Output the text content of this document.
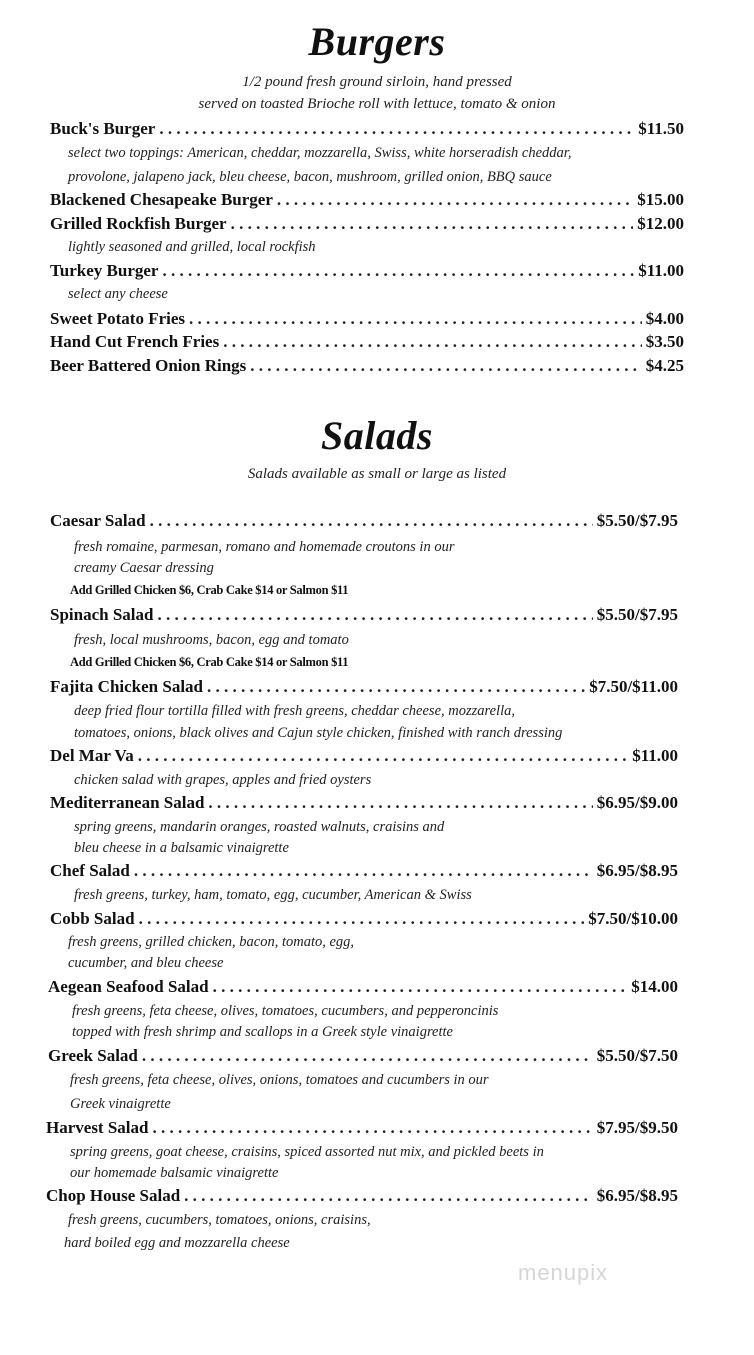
Burgers
1/2 pound fresh ground sirloin, hand pressed
served on toasted Brioche roll with lettuce, tomato & onion
Buck's Burger . . .	$11.50
select two toppings: American, cheddar, mozzarella, Swiss, white horseradish cheddar,
provolone, jalapeno jack, bleu cheese, bacon, mushroom, grilled onion, BBQ sauce
Blackened Chesapeake Burger . . .	$15.00
Grilled Rockfish Burger . . .	$12.00
lightly seasoned and grilled, local rockfish
Turkey Burger . . .	$11.00
select any cheese
Sweet Potato Fries . . .	$4.00
Hand Cut French Fries . . .	$3.50
Beer Battered Onion Rings . . .	$4.25
Salads
Salads available as small or large as listed
Caesar Salad . . .	$5.50/$7.95
fresh romaine, parmesan, romano and homemade croutons in our
creamy Caesar dressing
Add Grilled Chicken $6, Crab Cake $14 or Salmon $11
Spinach Salad . . .	$5.50/$7.95
fresh, local mushrooms, bacon, egg and tomato
Add Grilled Chicken $6, Crab Cake $14 or Salmon $11
Fajita Chicken Salad . . .	$7.50/$11.00
deep fried flour tortilla filled with fresh greens, cheddar cheese, mozzarella,
tomatoes, onions, black olives and Cajun style chicken, finished with ranch dressing
Del Mar Va . . .	$11.00
chicken salad with grapes, apples and fried oysters
Mediterranean Salad . . .	$6.95/$9.00
spring greens, mandarin oranges, roasted walnuts, craisins and
bleu cheese in a balsamic vinaigrette
Chef Salad . . .	$6.95/$8.95
fresh greens, turkey, ham, tomato, egg, cucumber, American & Swiss
Cobb Salad . . .	$7.50/$10.00
fresh greens, grilled chicken, bacon, tomato, egg,
cucumber, and bleu cheese
Aegean Seafood Salad . . .	$14.00
fresh greens, feta cheese, olives, tomatoes, cucumbers, and pepperoncinis
topped with fresh shrimp and scallops in a Greek style vinaigrette
Greek Salad . . .	$5.50/$7.50
fresh greens, feta cheese, olives, onions, tomatoes and cucumbers in our
Greek vinaigrette
Harvest Salad . . .	$7.95/$9.50
spring greens, goat cheese, craisins, spiced assorted nut mix, and pickled beets in
our homemade balsamic vinaigrette
Chop House Salad . . .	$6.95/$8.95
fresh greens, cucumbers, tomatoes, onions, craisins,
hard boiled egg and mozzarella cheese
menupix
